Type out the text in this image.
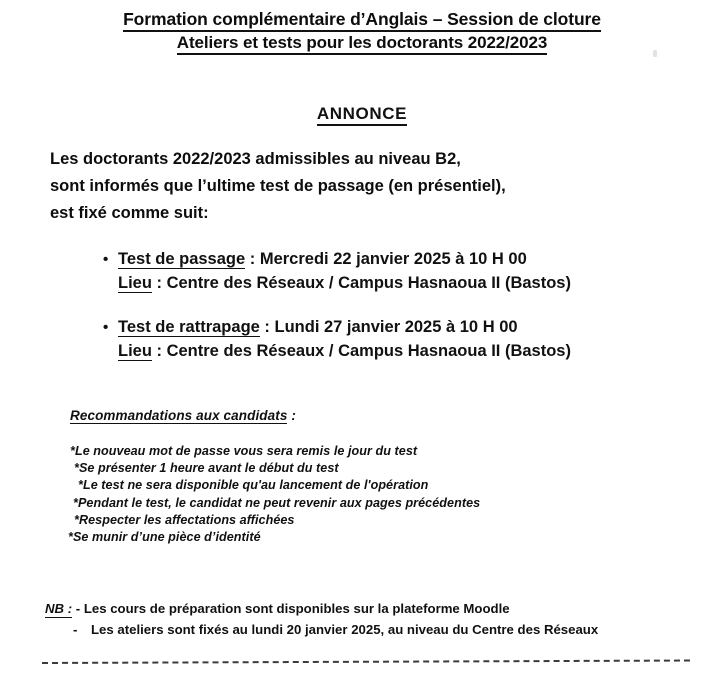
Formation complémentaire d’Anglais – Session de cloture
Ateliers et tests pour les doctorants 2022/2023
ANNONCE

Les doctorants 2022/2023 admissibles au niveau B2,

sont informés que l’ultime test de passage (en présentiel),

est fixé comme suit:

• Test de passage : Mercredi 22 janvier 2025 à 10 H 00
Lieu : Centre des Réseaux / Campus Hasnaoua II (Bastos)
• Test de rattrapage : Lundi 27 janvier 2025 à 10 H 00
Lieu : Centre des Réseaux / Campus Hasnaoua II (Bastos)
Recommandations aux candidats :
*Le nouveau mot de passe vous sera remis le jour du test
*Se présenter 1 heure avant le début du test
*Le test ne sera disponible qu'au lancement de l'opération
*Pendant le test, le candidat ne peut revenir aux pages précédentes
*Respecter les affectations affichées
*Se munir d’une pièce d’identité
NB : - Les cours de préparation sont disponibles sur la plateforme Moodle
- Les ateliers sont fixés au lundi 20 janvier 2025, au niveau du Centre des Réseaux
